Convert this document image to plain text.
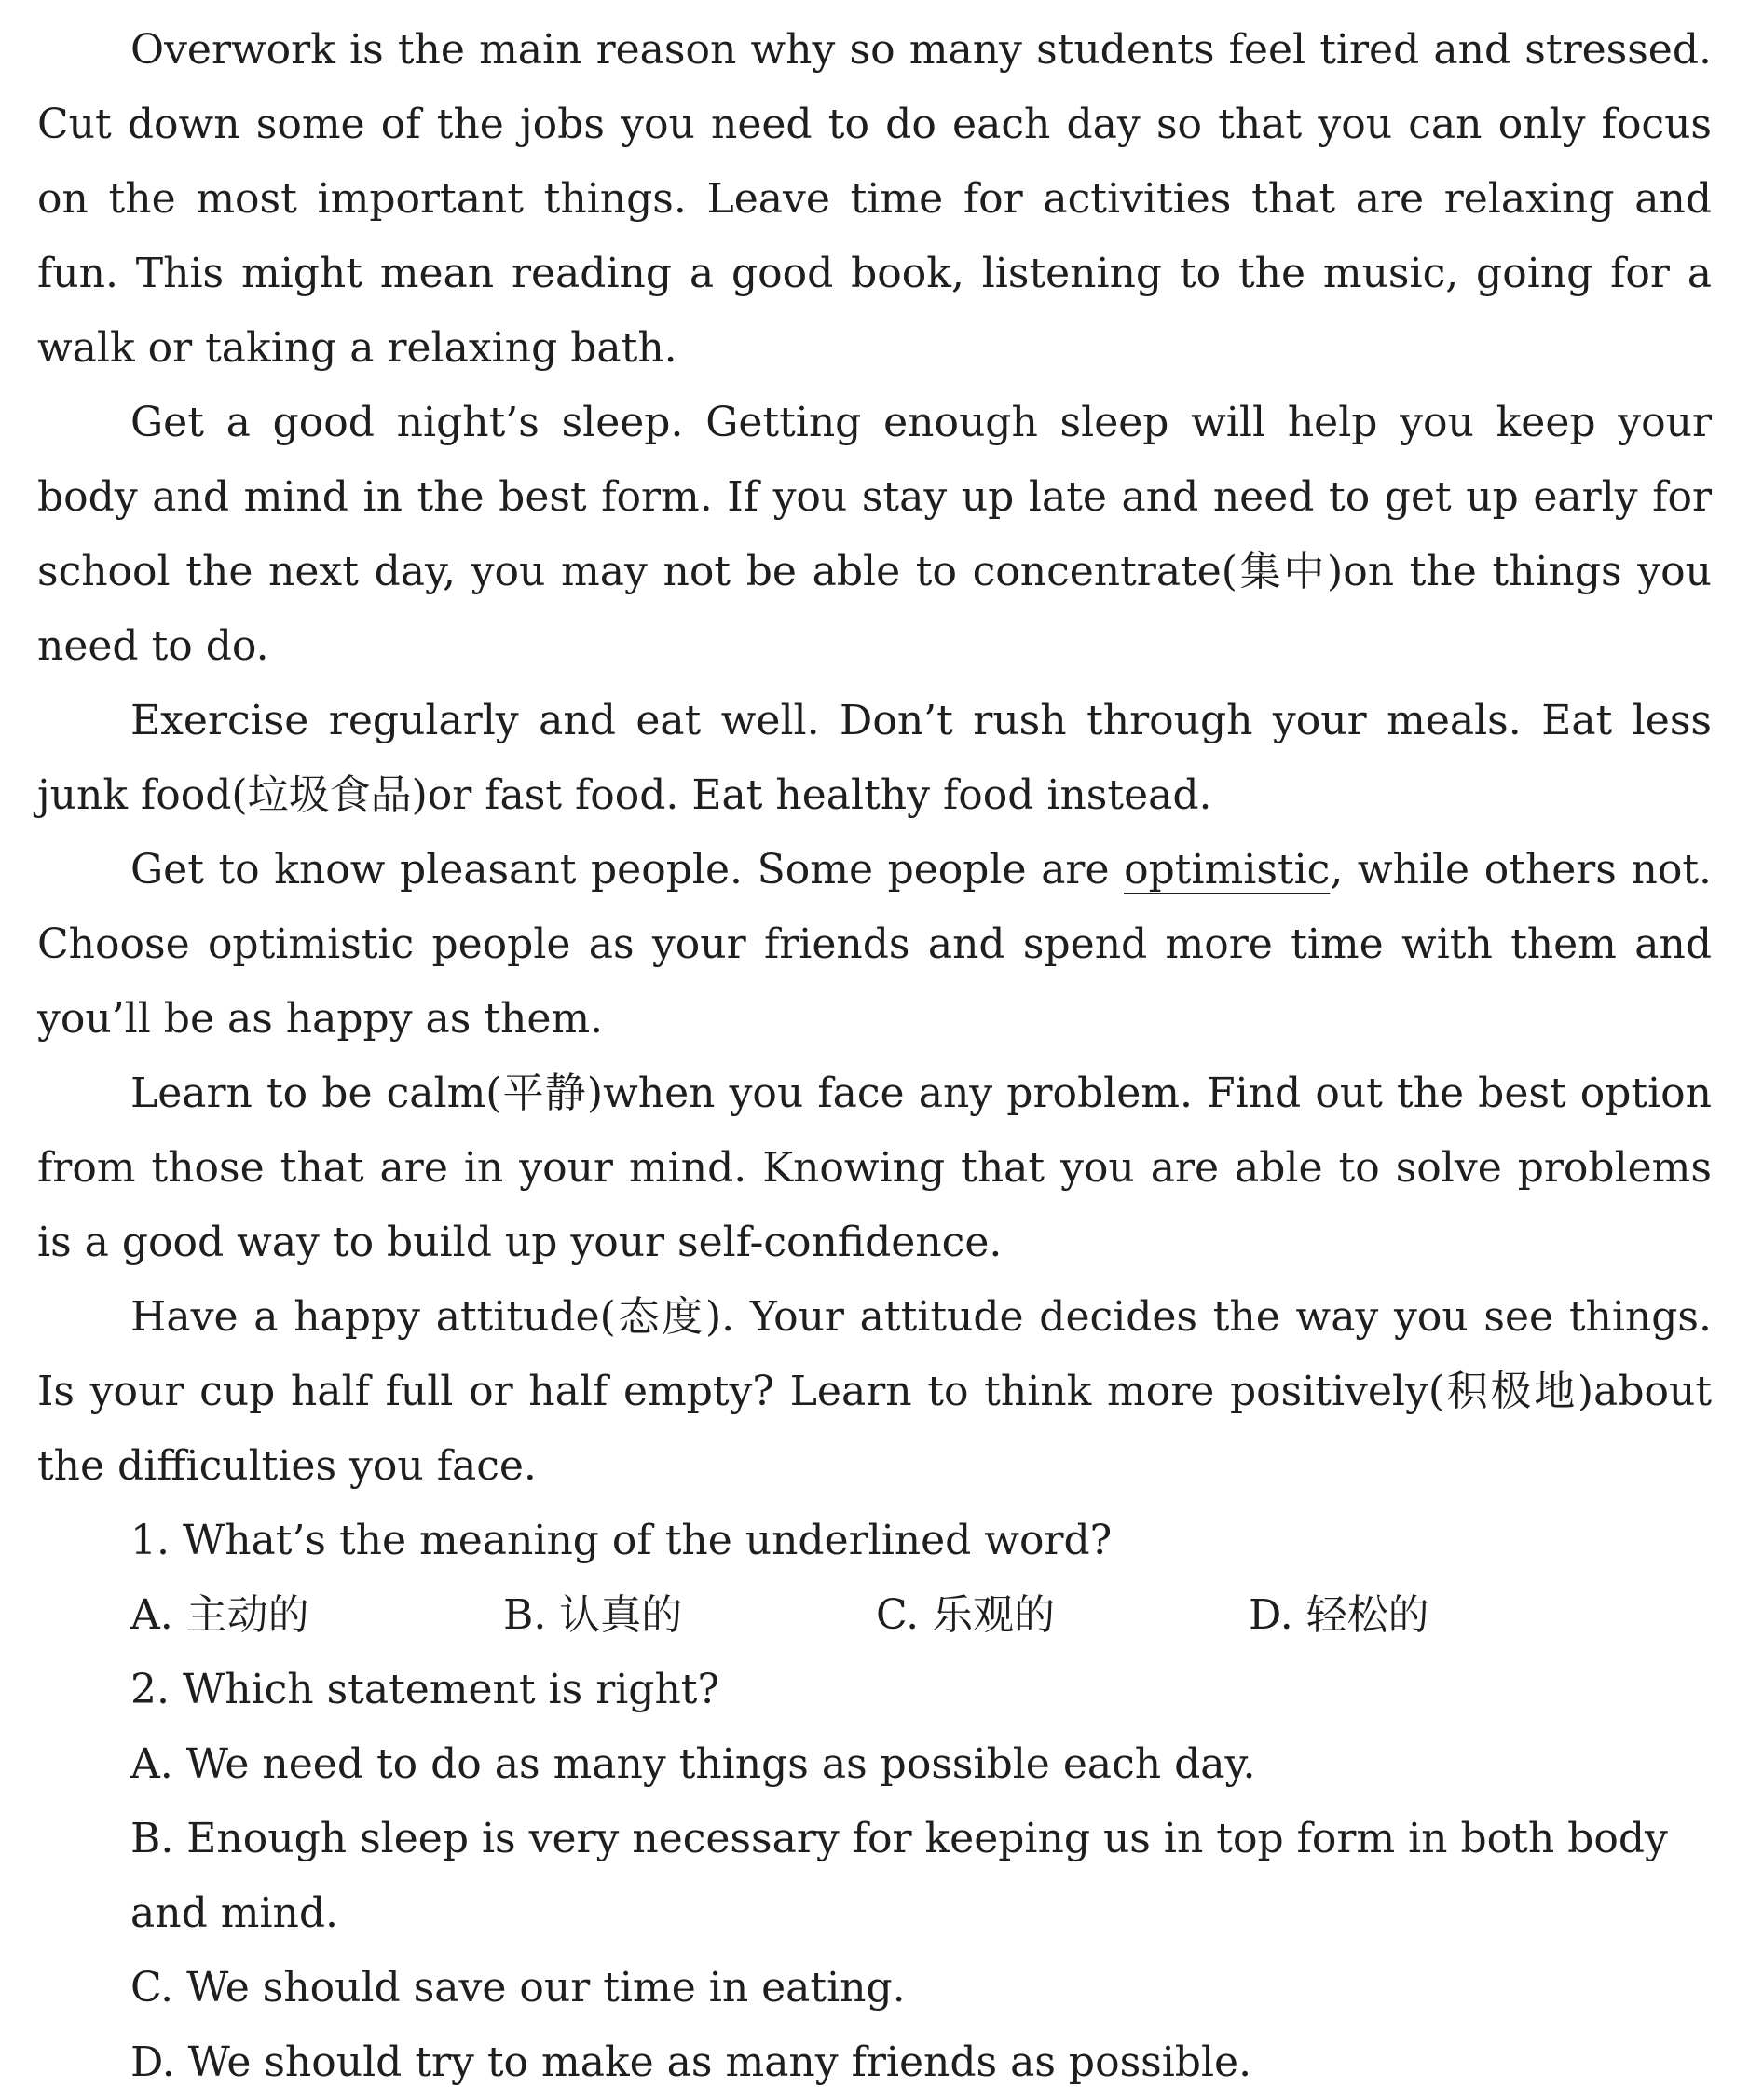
Overwork is the main reason why so many students feel tired and stressed. Cut down some of the jobs you need to do each day so that you can only focus on the most important things. Leave time for activities that are relaxing and fun. This might mean reading a good book, listening to the music, going for a walk or taking a relaxing bath.

Get a good night’s sleep. Getting enough sleep will help you keep your body and mind in the best form. If you stay up late and need to get up early for school the next day, you may not be able to concentrate(集中)on the things you need to do.

Exercise regularly and eat well. Don’t rush through your meals. Eat less junk food(垃圾食品)or fast food. Eat healthy food instead.

Get to know pleasant people. Some people are optimistic, while others not. Choose optimistic people as your friends and spend more time with them and you’ll be as happy as them.

Learn to be calm(平静)when you face any problem. Find out the best option from those that are in your mind. Knowing that you are able to solve problems is a good way to build up your self-confidence.

Have a happy attitude(态度). Your attitude decides the way you see things. Is your cup half full or half empty? Learn to think more positively(积极地)about the difficulties you face.

1. What’s the meaning of the underlined word?

A. 主动的	B. 认真的	C. 乐观的	D. 轻松的

2. Which statement is right?

A. We need to do as many things as possible each day.

B. Enough sleep is very necessary for keeping us in top form in both body and mind.

C. We should save our time in eating.

D. We should try to make as many friends as possible.
